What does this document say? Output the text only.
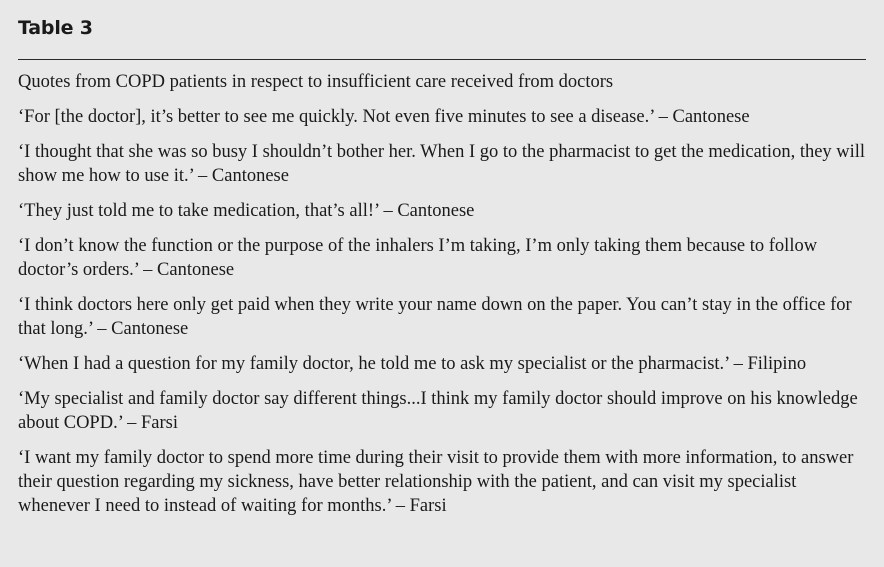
Table 3

Quotes from COPD patients in respect to insufficient care received from doctors

‘For [the doctor], it’s better to see me quickly. Not even five minutes to see a disease.’ – Cantonese

‘I thought that she was so busy I shouldn’t bother her. When I go to the pharmacist to get the medication, they will show me how to use it.’ – Cantonese

‘They just told me to take medication, that’s all!’ – Cantonese

‘I don’t know the function or the purpose of the inhalers I’m taking, I’m only taking them because to follow doctor’s orders.’ – Cantonese

‘I think doctors here only get paid when they write your name down on the paper. You can’t stay in the office for that long.’ – Cantonese

‘When I had a question for my family doctor, he told me to ask my specialist or the pharmacist.’ – Filipino

‘My specialist and family doctor say different things...I think my family doctor should improve on his knowledge about COPD.’ – Farsi

‘I want my family doctor to spend more time during their visit to provide them with more information, to answer their question regarding my sickness, have better relationship with the patient, and can visit my specialist whenever I need to instead of waiting for months.’ – Farsi
